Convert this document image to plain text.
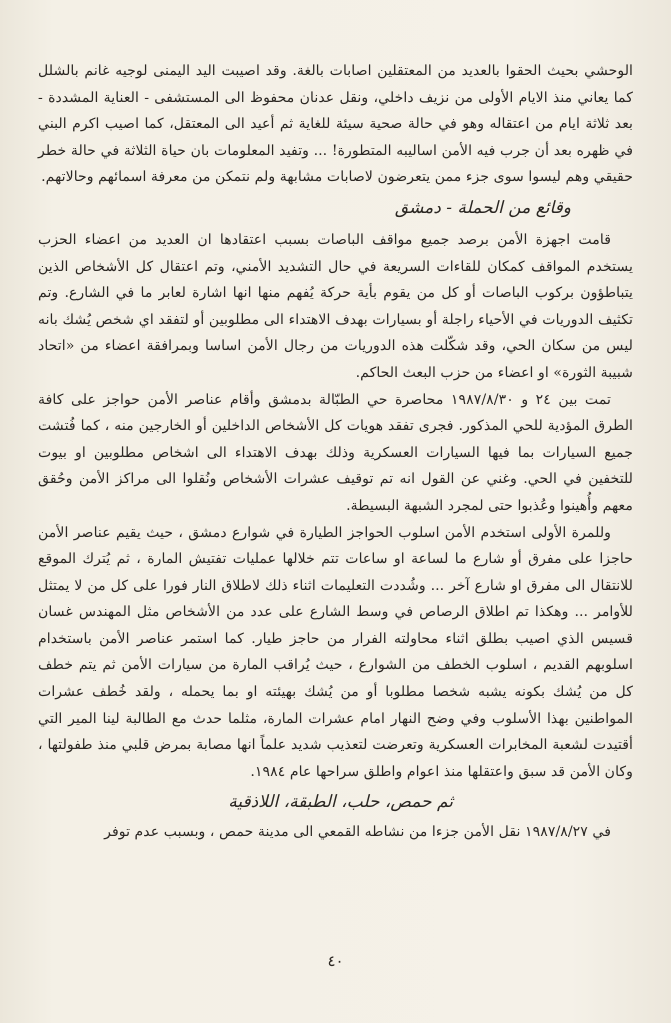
الوحشي بحيث الحقوا بالعديد من المعتقلين اصابات بالغة. وقد اصيبت اليد اليمنى لوجيه غانم بالشلل كما يعاني منذ الايام الأولى من نزيف داخلي، ونقل عدنان محفوظ الى المستشفى - العناية المشددة - بعد ثلاثة ايام من اعتقاله وهو في حالة صحية سيئة للغاية ثم أعيد الى المعتقل، كما اصيب اكرم البني في ظهره بعد أن جرب فيه الأمن اساليبه المتطورة! ... وتفيد المعلومات بان حياة الثلاثة في حالة خطر حقيقي وهم ليسوا سوى جزء ممن يتعرضون لاصابات مشابهة ولم نتمكن من معرفة اسمائهم وحالاتهم.

وقائع من الحملة - دمشق

قامت اجهزة الأمن برصد جميع مواقف الباصات بسبب اعتقادها ان العديد من اعضاء الحزب يستخدم المواقف كمكان للقاءات السريعة في حال التشديد الأمني، وتم اعتقال كل الأشخاص الذين يتباطؤون بركوب الباصات أو كل من يقوم بأية حركة يُفهم منها انها اشارة لعابر ما في الشارع. وتم تكثيف الدوريات في الأحياء راجلة أو بسيارات بهدف الاهتداء الى مطلوبين أو لتفقد اي شخص يُشك بانه ليس من سكان الحي، وقد شكّلت هذه الدوريات من رجال الأمن اساسا وبمرافقة اعضاء من «اتحاد شبيبة الثورة» او اعضاء من حزب البعث الحاكم.

تمت بين ٢٤ و ١٩٨٧/٨/٣٠ محاصرة حي الطبّالة بدمشق وأقام عناصر الأمن حواجز على كافة الطرق المؤدية للحي المذكور. فجرى تفقد هويات كل الأشخاص الداخلين أو الخارجين منه ، كما فُتشت جميع السيارات بما فيها السيارات العسكرية وذلك بهدف الاهتداء الى اشخاص مطلوبين او بيوت للتخفين في الحي. وغني عن القول انه تم توقيف عشرات الأشخاص ونُقلوا الى مراكز الأمن وحُقق معهم وأُهينوا وعُذبوا حتى لمجرد الشبهة البسيطة.

وللمرة الأولى استخدم الأمن اسلوب الحواجز الطيارة في شوارع دمشق ، حيث يقيم عناصر الأمن حاجزا على مفرق أو شارع ما لساعة او ساعات تتم خلالها عمليات تفتيش المارة ، ثم يُترك الموقع للانتقال الى مفرق او شارع آخر ... وشُددت التعليمات اثناء ذلك لاطلاق النار فورا على كل من لا يمتثل للأوامر ... وهكذا تم اطلاق الرصاص في وسط الشارع على عدد من الأشخاص مثل المهندس غسان قسيس الذي اصيب بطلق اثناء محاولته الفرار من حاجز طيار. كما استمر عناصر الأمن باستخدام اسلوبهم القديم ، اسلوب الخطف من الشوارع ، حيث يُراقب المارة من سيارات الأمن ثم يتم خطف كل من يُشك بكونه يشبه شخصا مطلوبا أو من يُشك بهيئته او بما يحمله ، ولقد خُطف عشرات المواطنين بهذا الأسلوب وفي وضح النهار امام عشرات المارة، مثلما حدث مع الطالبة لينا المير التي أقتيدت لشعبة المخابرات العسكرية وتعرضت لتعذيب شديد علماً انها مصابة بمرض قلبي منذ طفولتها ، وكان الأمن قد سبق واعتقلها منذ اعوام واطلق سراحها عام ١٩٨٤.

ثم حمص، حلب، الطبقة، اللاذقية

في ١٩٨٧/٨/٢٧ نقل الأمن جزءا من نشاطه القمعي الى مدينة حمص ، وبسبب عدم توفر

٤٠
